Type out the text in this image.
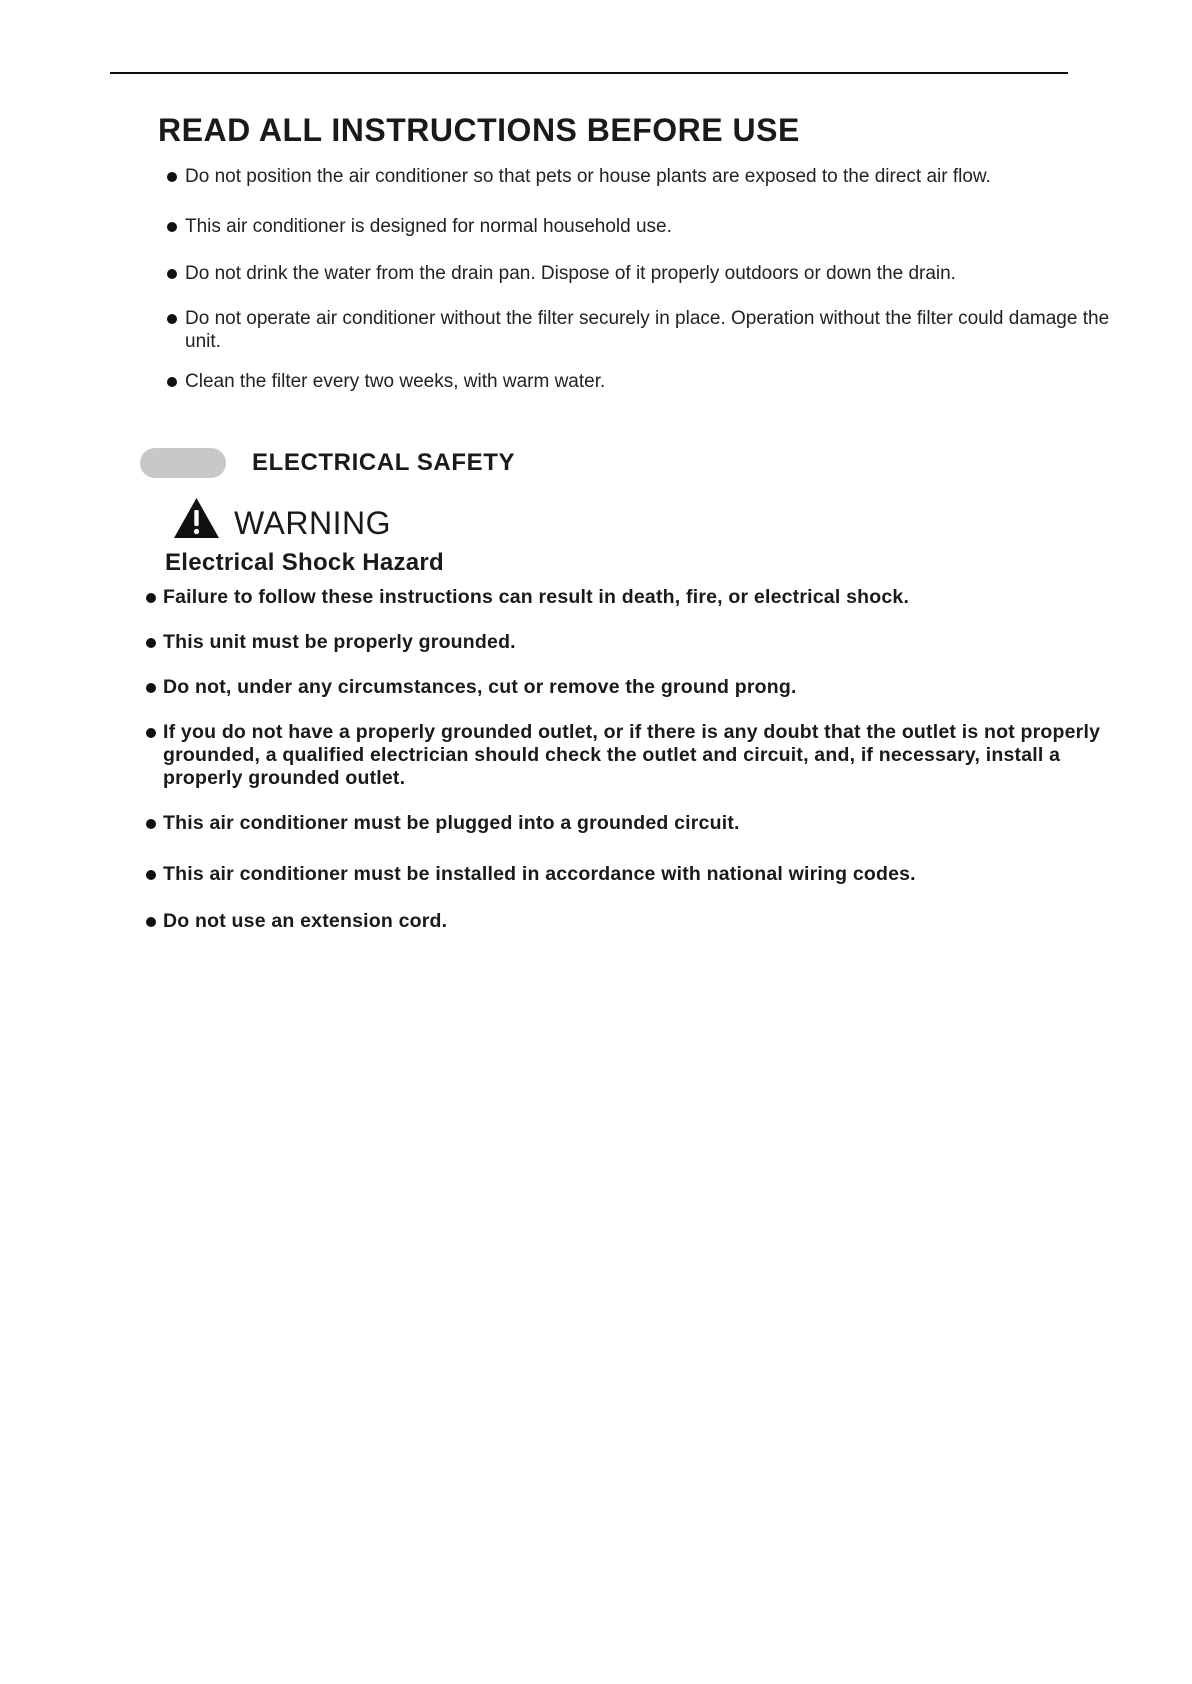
READ ALL INSTRUCTIONS BEFORE USE
Do not position the air conditioner so that pets or house plants are exposed to the direct air flow.
This air conditioner is designed for normal household use.
Do not drink the water from the drain pan. Dispose of it properly outdoors or down the drain.
Do not operate air conditioner without the filter securely in place. Operation without the filter could damage the unit.
Clean the filter every two weeks, with warm water.
ELECTRICAL SAFETY
WARNING
Electrical Shock Hazard
Failure to follow these instructions can result in death, fire, or electrical shock.
This unit must be properly grounded.
Do not, under any circumstances, cut or remove the ground prong.
If you do not have a properly grounded outlet, or if there is any doubt that the outlet is not properly grounded, a qualified electrician should check the outlet and circuit, and, if necessary, install a properly grounded outlet.
This air conditioner must be plugged into a grounded circuit.
This air conditioner must be installed in accordance with national wiring codes.
Do not use an extension cord.
